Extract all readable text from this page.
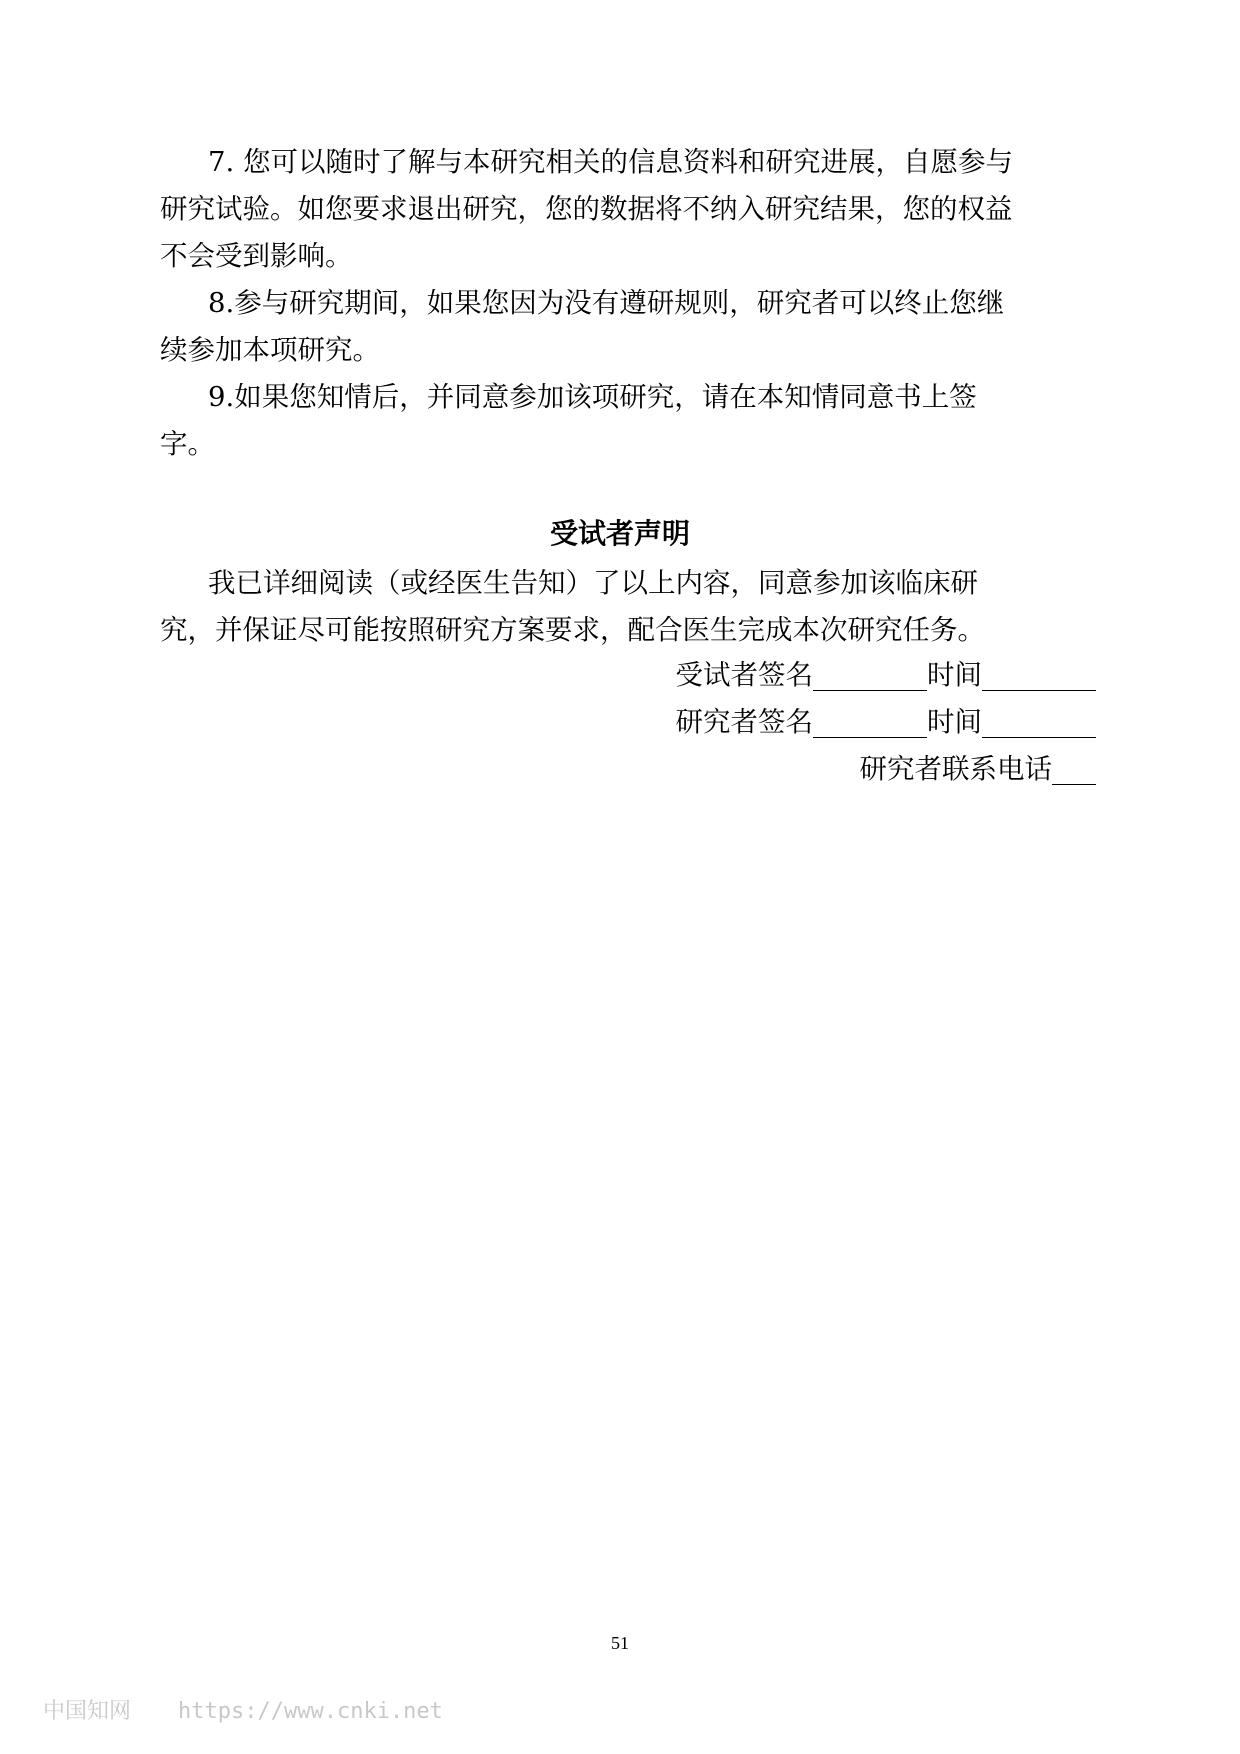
7. 您可以随时了解与本研究相关的信息资料和研究进展，自愿参与

研究试验。如您要求退出研究，您的数据将不纳入研究结果，您的权益

不会受到影响。

8.参与研究期间，如果您因为没有遵研规则，研究者可以终止您继

续参加本项研究。

9.如果您知情后，并同意参加该项研究，请在本知情同意书上签

字。

受试者声明

我已详细阅读（或经医生告知）了以上内容，同意参加该临床研

究，并保证尽可能按照研究方案要求，配合医生完成本次研究任务。

受试者签名	时间
研究者签名	时间
研究者联系电话
51
中国知网 https://www.cnki.net
